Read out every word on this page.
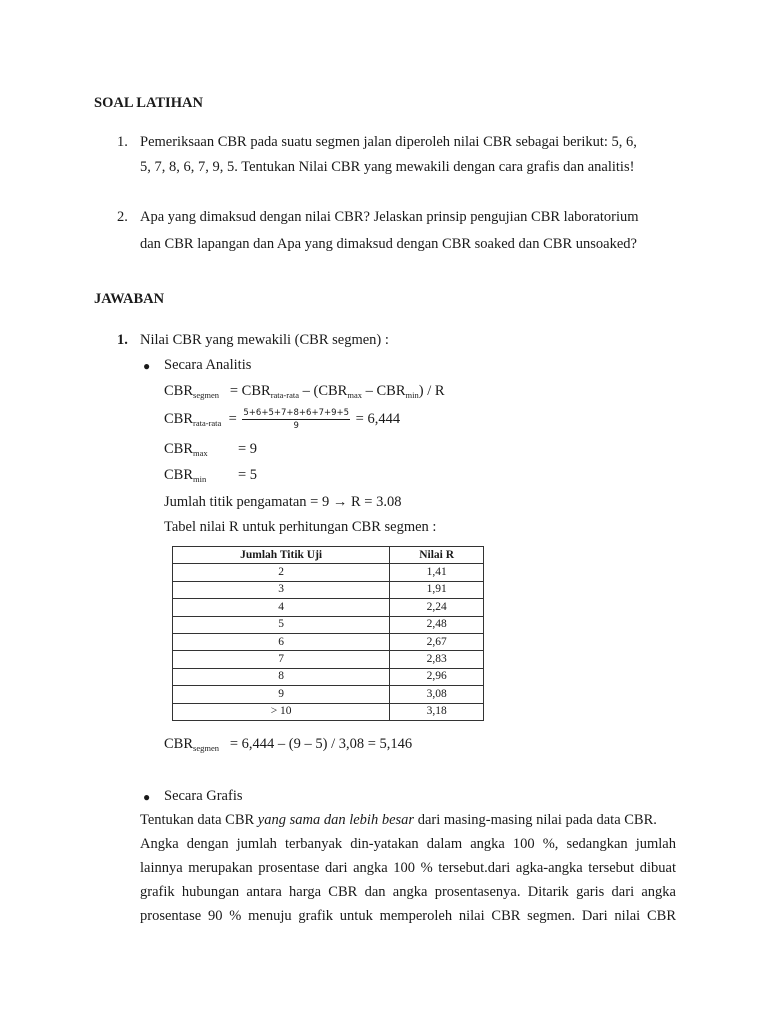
SOAL LATIHAN
1. Pemeriksaan CBR pada suatu segmen jalan diperoleh nilai CBR sebagai berikut: 5, 6,
5, 7, 8, 6, 7, 9, 5. Tentukan Nilai CBR yang mewakili dengan cara grafis dan analitis!
2. Apa yang dimaksud dengan nilai CBR? Jelaskan prinsip pengujian CBR laboratorium
dan CBR lapangan dan Apa yang dimaksud dengan CBR soaked dan CBR unsoaked?
JAWABAN
1. Nilai CBR yang mewakili (CBR segmen) :
● Secara Analitis
$CBR_{segmen} = CBR_{rata-rata} - (CBR_{max} - CBR_{min}) / R$
$CBR_{rata-rata} = \frac{5+6+5+7+8+6+7+9+5}{9} = 6,444$
$CBR_{max} = 9$
$CBR_{min} = 5$
Jumlah titik pengamatan = 9 → R = 3.08
Tabel nilai R untuk perhitungan CBR segmen :
Jumlah Titik Uji	Nilai R
2	1,41
3	1,91
4	2,24
5	2,48
6	2,67
7	2,83
8	2,96
9	3,08
> 10	3,18
$CBR_{segmen} = 6,444 - (9 - 5) / 3,08 = 5,146$
● Secara Grafis
Tentukan data CBR yang sama dan lebih besar dari masing-masing nilai pada data CBR.
Angka dengan jumlah terbanyak din-yatakan dalam angka 100 %, sedangkan jumlah
lainnya merupakan prosentase dari angka 100 % tersebut.dari agka-angka tersebut dibuat
grafik hubungan antara harga CBR dan angka prosentasenya. Ditarik garis dari angka
prosentase 90 % menuju grafik untuk memperoleh nilai CBR segmen. Dari nilai CBR
